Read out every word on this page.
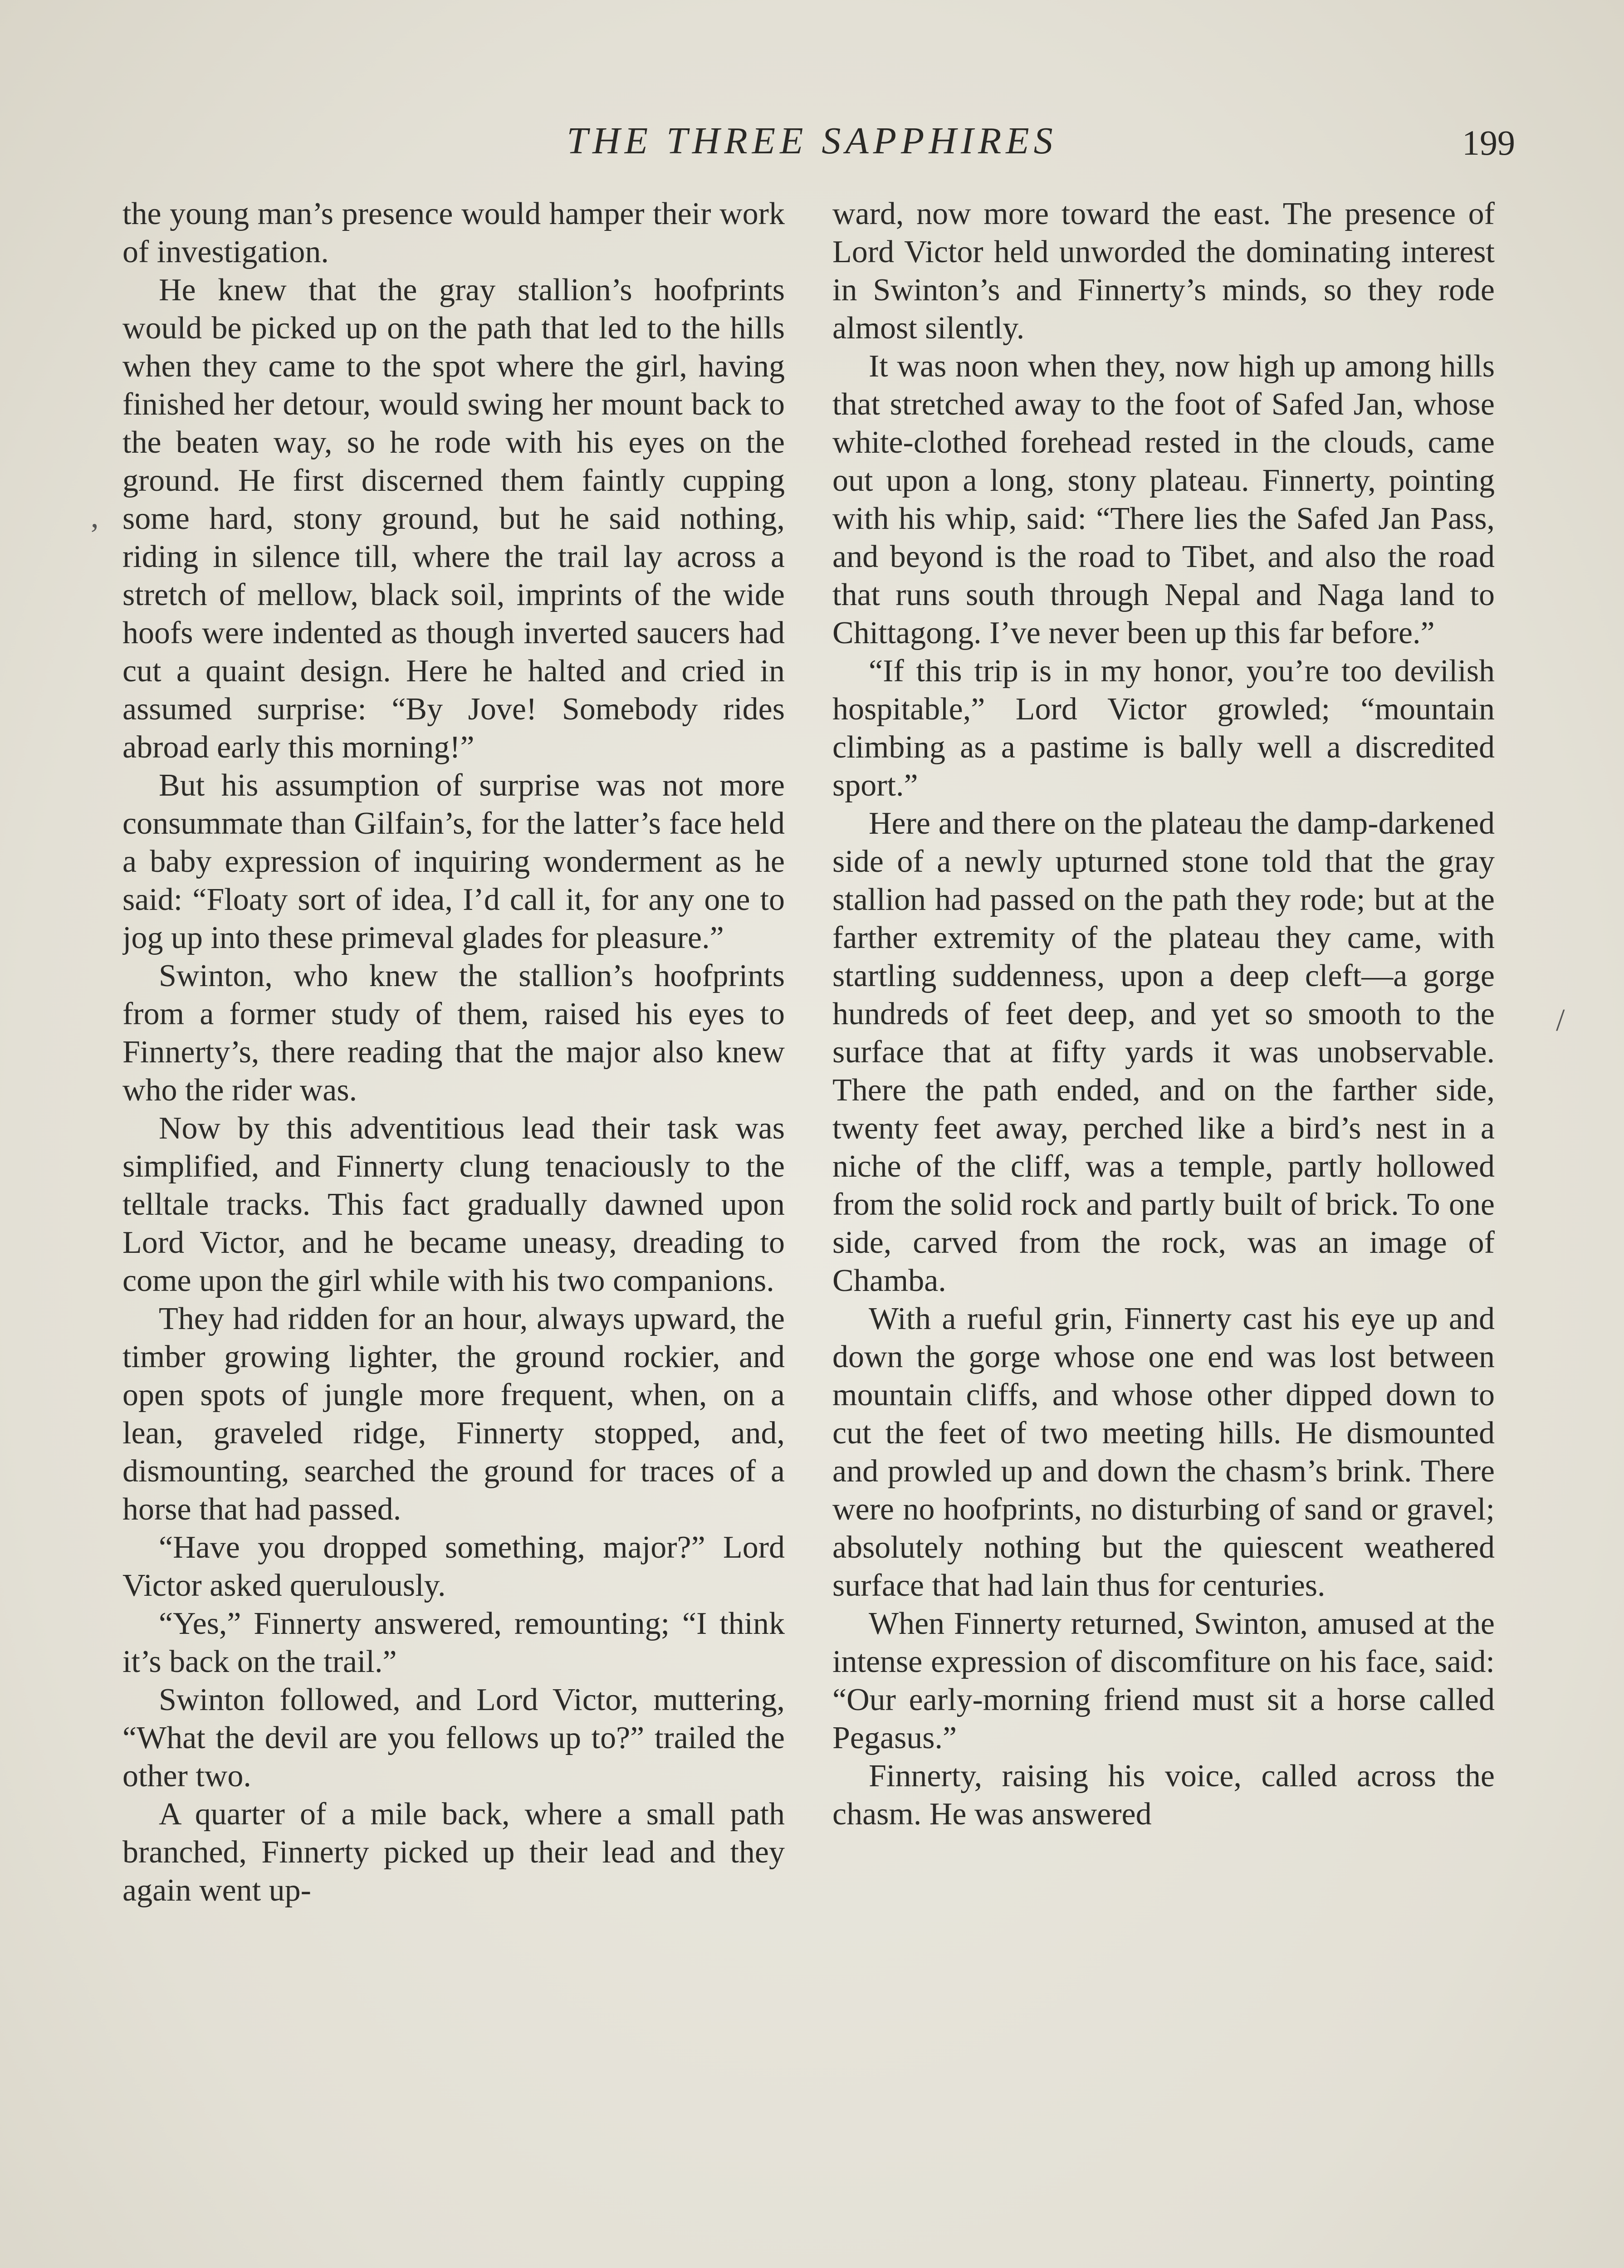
THE THREE SAPPHIRES	199

the young man’s presence would hamper their work of investigation.

He knew that the gray stallion’s hoofprints would be picked up on the path that led to the hills when they came to the spot where the girl, having finished her detour, would swing her mount back to the beaten way, so he rode with his eyes on the ground. He first discerned them faintly cupping some hard, stony ground, but he said nothing, riding in silence till, where the trail lay across a stretch of mellow, black soil, imprints of the wide hoofs were indented as though inverted saucers had cut a quaint design. Here he halted and cried in assumed surprise: “By Jove! Somebody rides abroad early this morning!”

But his assumption of surprise was not more consummate than Gilfain’s, for the latter’s face held a baby expression of inquiring wonderment as he said: “Floaty sort of idea, I’d call it, for any one to jog up into these primeval glades for pleasure.”

Swinton, who knew the stallion’s hoofprints from a former study of them, raised his eyes to Finnerty’s, there reading that the major also knew who the rider was.

Now by this adventitious lead their task was simplified, and Finnerty clung tenaciously to the telltale tracks. This fact gradually dawned upon Lord Victor, and he became uneasy, dreading to come upon the girl while with his two companions.

They had ridden for an hour, always upward, the timber growing lighter, the ground rockier, and open spots of jungle more frequent, when, on a lean, graveled ridge, Finnerty stopped, and, dismounting, searched the ground for traces of a horse that had passed.

“Have you dropped something, major?” Lord Victor asked querulously.

“Yes,” Finnerty answered, remounting; “I think it’s back on the trail.”

Swinton followed, and Lord Victor, muttering, “What the devil are you fellows up to?” trailed the other two.

A quarter of a mile back, where a small path branched, Finnerty picked up their lead and they again went up-

ward, now more toward the east. The presence of Lord Victor held unworded the dominating interest in Swinton’s and Finnerty’s minds, so they rode almost silently.

It was noon when they, now high up among hills that stretched away to the foot of Safed Jan, whose white-clothed forehead rested in the clouds, came out upon a long, stony plateau. Finnerty, pointing with his whip, said: “There lies the Safed Jan Pass, and beyond is the road to Tibet, and also the road that runs south through Nepal and Naga land to Chittagong. I’ve never been up this far before.”

“If this trip is in my honor, you’re too devilish hospitable,” Lord Victor growled; “mountain climbing as a pastime is bally well a discredited sport.”

Here and there on the plateau the damp-darkened side of a newly upturned stone told that the gray stallion had passed on the path they rode; but at the farther extremity of the plateau they came, with startling suddenness, upon a deep cleft—a gorge hundreds of feet deep, and yet so smooth to the surface that at fifty yards it was unobservable. There the path ended, and on the farther side, twenty feet away, perched like a bird’s nest in a niche of the cliff, was a temple, partly hollowed from the solid rock and partly built of brick. To one side, carved from the rock, was an image of Chamba.

With a rueful grin, Finnerty cast his eye up and down the gorge whose one end was lost between mountain cliffs, and whose other dipped down to cut the feet of two meeting hills. He dismounted and prowled up and down the chasm’s brink. There were no hoofprints, no disturbing of sand or gravel; absolutely nothing but the quiescent weathered surface that had lain thus for centuries.

When Finnerty returned, Swinton, amused at the intense expression of discomfiture on his face, said: “Our early-morning friend must sit a horse called Pegasus.”

Finnerty, raising his voice, called across the chasm. He was answered

,
/
